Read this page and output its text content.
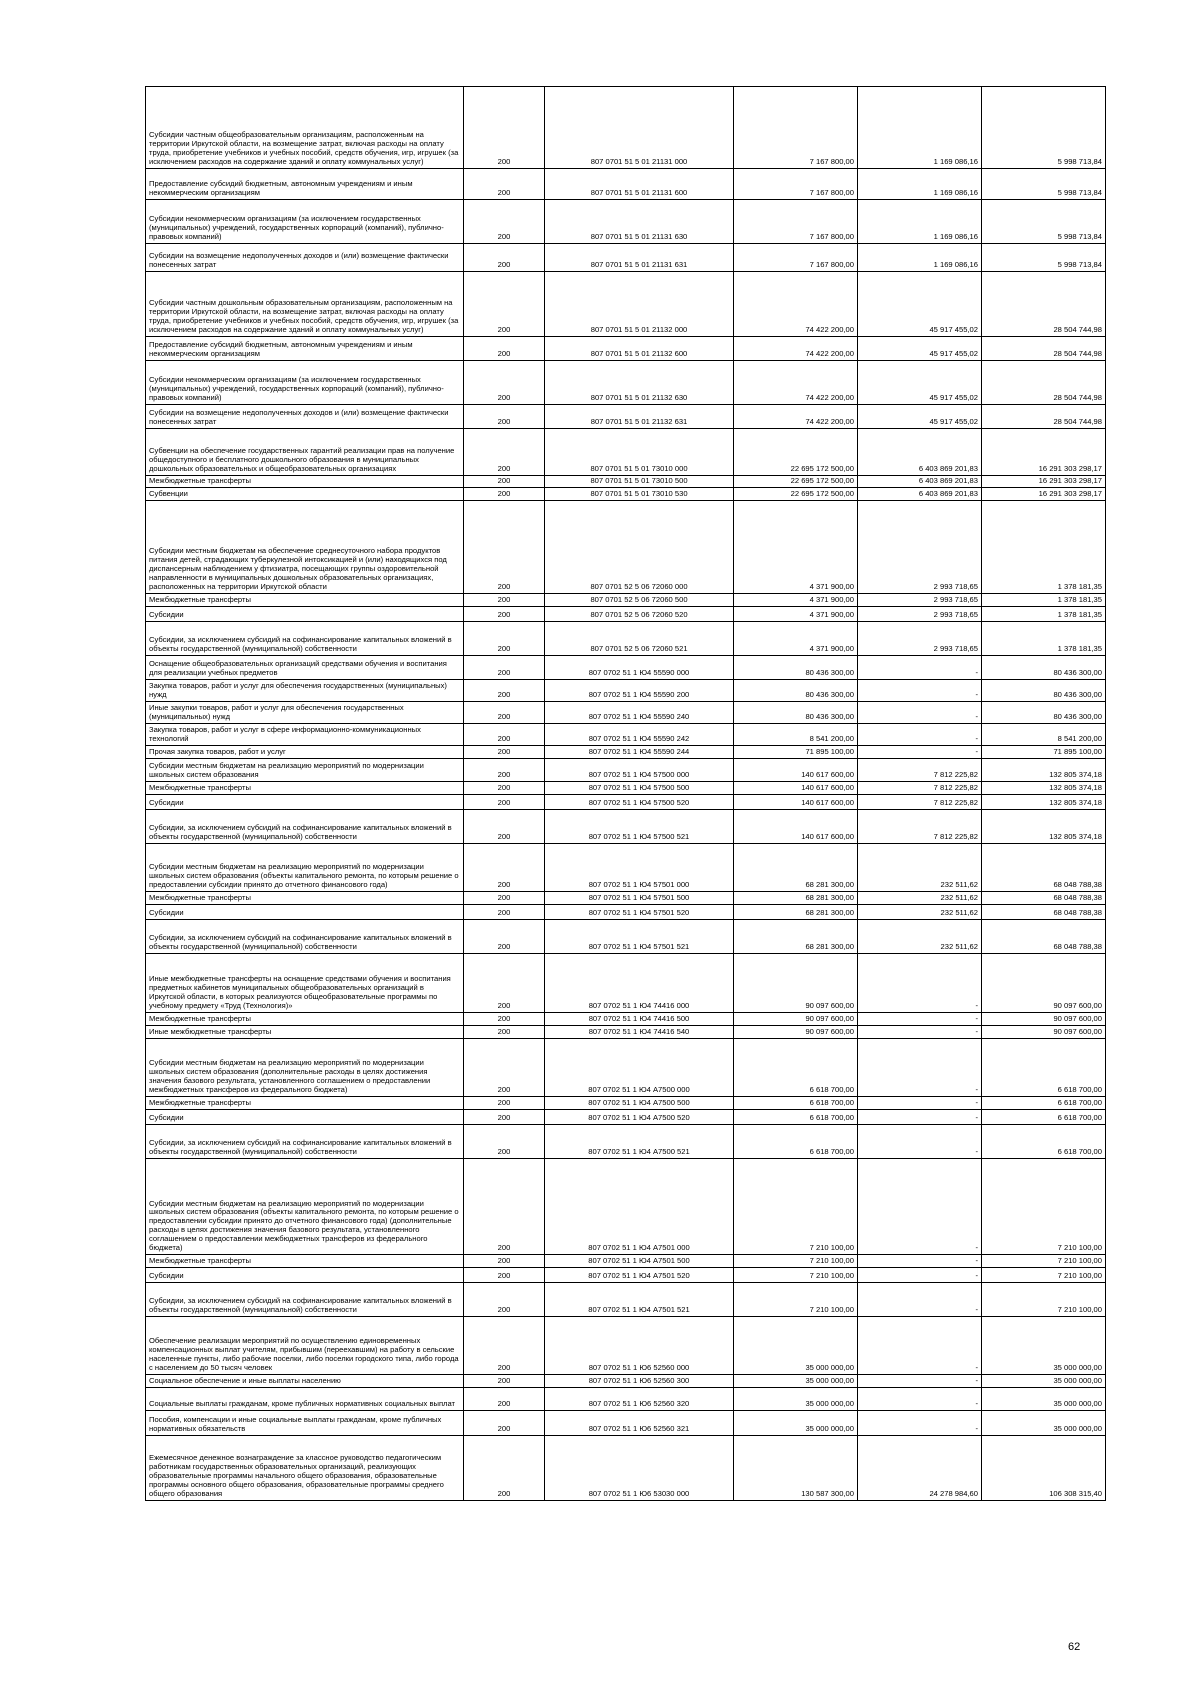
Субсидии частным общеобразовательным организациям, расположенным на территории Иркутской области, на возмещение затрат, включая расходы на оплату труда, приобретение учебников и учебных пособий, средств обучения, игр, игрушек (за исключением расходов на содержание зданий и оплату коммунальных услуг)	200	807 0701 51 5 01 21131 000	7 167 800,00	1 169 086,16	5 998 713,84
Предоставление субсидий бюджетным, автономным учреждениям и иным некоммерческим организациям	200	807 0701 51 5 01 21131 600	7 167 800,00	1 169 086,16	5 998 713,84
Субсидии некоммерческим организациям (за исключением государственных (муниципальных) учреждений, государственных корпораций (компаний), публично-правовых компаний)	200	807 0701 51 5 01 21131 630	7 167 800,00	1 169 086,16	5 998 713,84
Субсидии на возмещение недополученных доходов и (или) возмещение фактически понесенных затрат	200	807 0701 51 5 01 21131 631	7 167 800,00	1 169 086,16	5 998 713,84
Субсидии частным дошкольным образовательным организациям, расположенным на территории Иркутской области, на возмещение затрат, включая расходы на оплату труда, приобретение учебников и учебных пособий, средств обучения, игр, игрушек (за исключением расходов на содержание зданий и оплату коммунальных услуг)	200	807 0701 51 5 01 21132 000	74 422 200,00	45 917 455,02	28 504 744,98
Предоставление субсидий бюджетным, автономным учреждениям и иным некоммерческим организациям	200	807 0701 51 5 01 21132 600	74 422 200,00	45 917 455,02	28 504 744,98
Субсидии некоммерческим организациям (за исключением государственных (муниципальных) учреждений, государственных корпораций (компаний), публично-правовых компаний)	200	807 0701 51 5 01 21132 630	74 422 200,00	45 917 455,02	28 504 744,98
Субсидии на возмещение недополученных доходов и (или) возмещение фактически понесенных затрат	200	807 0701 51 5 01 21132 631	74 422 200,00	45 917 455,02	28 504 744,98
Субвенции на обеспечение государственных гарантий реализации прав на получение общедоступного и бесплатного дошкольного образования в муниципальных дошкольных образовательных и общеобразовательных организациях	200	807 0701 51 5 01 73010 000	22 695 172 500,00	6 403 869 201,83	16 291 303 298,17
Межбюджетные трансферты	200	807 0701 51 5 01 73010 500	22 695 172 500,00	6 403 869 201,83	16 291 303 298,17
Субвенции	200	807 0701 51 5 01 73010 530	22 695 172 500,00	6 403 869 201,83	16 291 303 298,17
Субсидии местным бюджетам на обеспечение среднесуточного набора продуктов питания детей, страдающих туберкулезной интоксикацией и (или) находящихся под диспансерным наблюдением у фтизиатра, посещающих группы оздоровительной направленности в муниципальных дошкольных образовательных организациях, расположенных на территории Иркутской области	200	807 0701 52 5 06 72060 000	4 371 900,00	2 993 718,65	1 378 181,35
Межбюджетные трансферты	200	807 0701 52 5 06 72060 500	4 371 900,00	2 993 718,65	1 378 181,35
Субсидии	200	807 0701 52 5 06 72060 520	4 371 900,00	2 993 718,65	1 378 181,35
Субсидии, за исключением субсидий на софинансирование капитальных вложений в объекты государственной (муниципальной) собственности	200	807 0701 52 5 06 72060 521	4 371 900,00	2 993 718,65	1 378 181,35
Оснащение общеобразовательных организаций средствами обучения и воспитания для реализации учебных предметов	200	807 0702 51 1 Ю4 55590 000	80 436 300,00	-	80 436 300,00
Закупка товаров, работ и услуг для обеспечения государственных (муниципальных) нужд	200	807 0702 51 1 Ю4 55590 200	80 436 300,00	-	80 436 300,00
Иные закупки товаров, работ и услуг для обеспечения государственных (муниципальных) нужд	200	807 0702 51 1 Ю4 55590 240	80 436 300,00	-	80 436 300,00
Закупка товаров, работ и услуг в сфере информационно-коммуникационных технологий	200	807 0702 51 1 Ю4 55590 242	8 541 200,00	-	8 541 200,00
Прочая закупка товаров, работ и услуг	200	807 0702 51 1 Ю4 55590 244	71 895 100,00	-	71 895 100,00
Субсидии местным бюджетам на реализацию мероприятий по модернизации школьных систем образования	200	807 0702 51 1 Ю4 57500 000	140 617 600,00	7 812 225,82	132 805 374,18
Межбюджетные трансферты	200	807 0702 51 1 Ю4 57500 500	140 617 600,00	7 812 225,82	132 805 374,18
Субсидии	200	807 0702 51 1 Ю4 57500 520	140 617 600,00	7 812 225,82	132 805 374,18
Субсидии, за исключением субсидий на софинансирование капитальных вложений в объекты государственной (муниципальной) собственности	200	807 0702 51 1 Ю4 57500 521	140 617 600,00	7 812 225,82	132 805 374,18
Субсидии местным бюджетам на реализацию мероприятий по модернизации школьных систем образования (объекты капитального ремонта, по которым решение о предоставлении субсидии принято до отчетного финансового года)	200	807 0702 51 1 Ю4 57501 000	68 281 300,00	232 511,62	68 048 788,38
Межбюджетные трансферты	200	807 0702 51 1 Ю4 57501 500	68 281 300,00	232 511,62	68 048 788,38
Субсидии	200	807 0702 51 1 Ю4 57501 520	68 281 300,00	232 511,62	68 048 788,38
Субсидии, за исключением субсидий на софинансирование капитальных вложений в объекты государственной (муниципальной) собственности	200	807 0702 51 1 Ю4 57501 521	68 281 300,00	232 511,62	68 048 788,38
Иные межбюджетные трансферты на оснащение средствами обучения и воспитания предметных кабинетов муниципальных общеобразовательных организаций в Иркутской области, в которых реализуются общеобразовательные программы по учебному предмету «Труд (Технология)»	200	807 0702 51 1 Ю4 74416 000	90 097 600,00	-	90 097 600,00
Межбюджетные трансферты	200	807 0702 51 1 Ю4 74416 500	90 097 600,00	-	90 097 600,00
Иные межбюджетные трансферты	200	807 0702 51 1 Ю4 74416 540	90 097 600,00	-	90 097 600,00
Субсидии местным бюджетам на реализацию мероприятий по модернизации школьных систем образования (дополнительные расходы в целях достижения значения базового результата, установленного соглашением о предоставлении межбюджетных трансферов из федерального бюджета)	200	807 0702 51 1 Ю4 А7500 000	6 618 700,00	-	6 618 700,00
Межбюджетные трансферты	200	807 0702 51 1 Ю4 А7500 500	6 618 700,00	-	6 618 700,00
Субсидии	200	807 0702 51 1 Ю4 А7500 520	6 618 700,00	-	6 618 700,00
Субсидии, за исключением субсидий на софинансирование капитальных вложений в объекты государственной (муниципальной) собственности	200	807 0702 51 1 Ю4 А7500 521	6 618 700,00	-	6 618 700,00
Субсидии местным бюджетам на реализацию мероприятий по модернизации школьных систем образования (объекты капитального ремонта, по которым решение о предоставлении субсидии принято до отчетного финансового года) (дополнительные расходы в целях достижения значения базового результата, установленного соглашением о предоставлении межбюджетных трансферов из федерального бюджета)	200	807 0702 51 1 Ю4 А7501 000	7 210 100,00	-	7 210 100,00
Межбюджетные трансферты	200	807 0702 51 1 Ю4 А7501 500	7 210 100,00	-	7 210 100,00
Субсидии	200	807 0702 51 1 Ю4 А7501 520	7 210 100,00	-	7 210 100,00
Субсидии, за исключением субсидий на софинансирование капитальных вложений в объекты государственной (муниципальной) собственности	200	807 0702 51 1 Ю4 А7501 521	7 210 100,00	-	7 210 100,00
Обеспечение реализации мероприятий по осуществлению единовременных компенсационных выплат учителям, прибывшим (переехавшим) на работу в сельские населенные пункты, либо рабочие поселки, либо поселки городского типа, либо города с населением до 50 тысяч человек	200	807 0702 51 1 Ю6 52560 000	35 000 000,00	-	35 000 000,00
Социальное обеспечение и иные выплаты населению	200	807 0702 51 1 Ю6 52560 300	35 000 000,00	-	35 000 000,00
Социальные выплаты гражданам, кроме публичных нормативных социальных выплат	200	807 0702 51 1 Ю6 52560 320	35 000 000,00	-	35 000 000,00
Пособия, компенсации и иные социальные выплаты гражданам, кроме публичных нормативных обязательств	200	807 0702 51 1 Ю6 52560 321	35 000 000,00	-	35 000 000,00
Ежемесячное денежное вознаграждение за классное руководство педагогическим работникам государственных образовательных организаций, реализующих образовательные программы начального общего образования, образовательные программы основного общего образования, образовательные программы среднего общего образования	200	807 0702 51 1 Ю6 53030 000	130 587 300,00	24 278 984,60	106 308 315,40
62
